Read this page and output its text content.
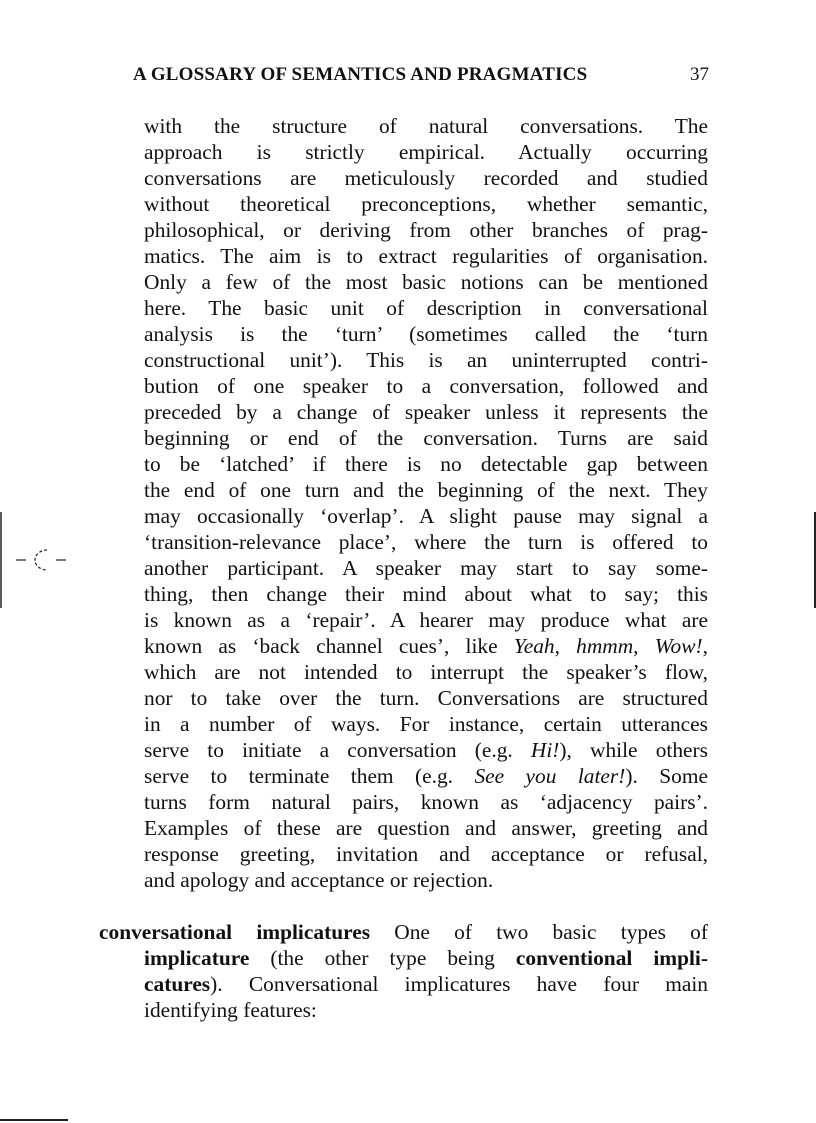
A GLOSSARY OF SEMANTICS AND PRAGMATICS	37
with the structure of natural conversations. The
approach is strictly empirical. Actually occurring
conversations are meticulously recorded and studied
without theoretical preconceptions, whether semantic,
philosophical, or deriving from other branches of prag-
matics. The aim is to extract regularities of organisation.
Only a few of the most basic notions can be mentioned
here. The basic unit of description in conversational
analysis is the ‘turn’ (sometimes called the ‘turn
constructional unit’). This is an uninterrupted contri-
bution of one speaker to a conversation, followed and
preceded by a change of speaker unless it represents the
beginning or end of the conversation. Turns are said
to be ‘latched’ if there is no detectable gap between
the end of one turn and the beginning of the next. They
may occasionally ‘overlap’. A slight pause may signal a
‘transition-relevance place’, where the turn is offered to
another participant. A speaker may start to say some-
thing, then change their mind about what to say; this
is known as a ‘repair’. A hearer may produce what are
known as ‘back channel cues’, like Yeah, hmmm, Wow!,
which are not intended to interrupt the speaker’s flow,
nor to take over the turn. Conversations are structured
in a number of ways. For instance, certain utterances
serve to initiate a conversation (e.g. Hi!), while others
serve to terminate them (e.g. See you later!). Some
turns form natural pairs, known as ‘adjacency pairs’.
Examples of these are question and answer, greeting and
response greeting, invitation and acceptance or refusal,
and apology and acceptance or rejection.
conversational implicatures One of two basic types of
implicature (the other type being conventional impli-
catures). Conversational implicatures have four main
identifying features:
